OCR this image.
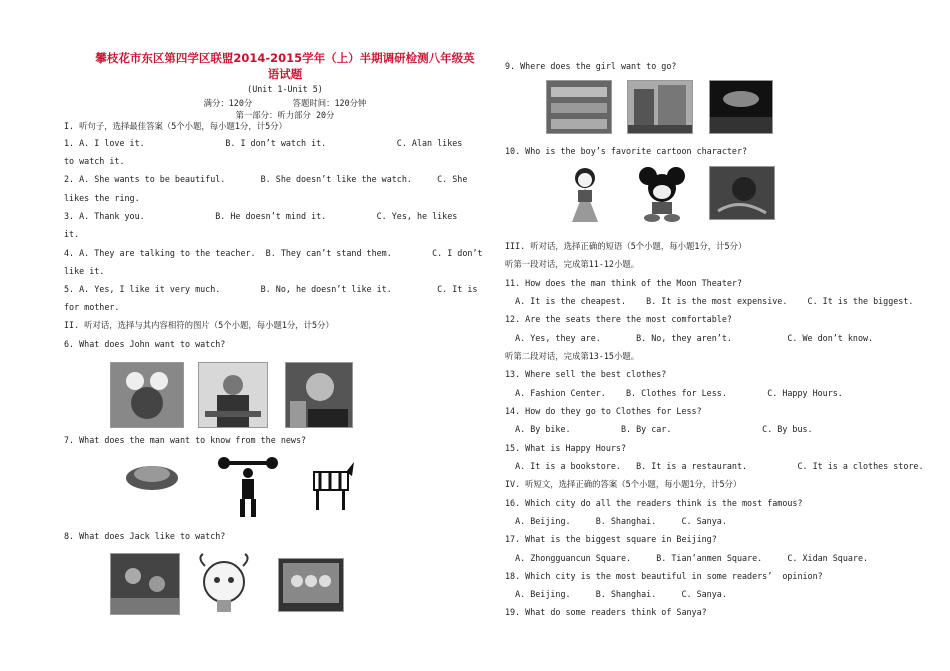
攀枝花市东区第四学区联盟2014-2015学年（上）半期调研检测八年级英
语试题
(Unit 1-Unit 5)
满分：120分        答题时间：120分钟
第一部分：听力部分 20分
I. 听句子，选择最佳答案（5个小题，每小题1分，计5分）
1. A. I love it.                B. I don’t watch it.              C. Alan likes
to watch it.
2. A. She wants to be beautiful.       B. She doesn’t like the watch.     C. She
likes the ring.
3. A. Thank you.              B. He doesn’t mind it.          C. Yes, he likes
it.
4. A. They are talking to the teacher.  B. They can’t stand them.        C. I don’t
like it.
5. A. Yes, I like it very much.        B. No, he doesn’t like it.         C. It is
for mother.
II. 听对话，选择与其内容相符的图片（5个小题，每小题1分，计5分）
6. What does John want to watch?
7. What does the man want to know from the news?
8. What does Jack like to watch?
9. Where does the girl want to go?
10. Who is the boy’s favorite cartoon character?
III. 听对话，选择正确的短语（5个小题，每小题1分，计5分）
听第一段对话，完成第11-12小题。
11. How does the man think of the Moon Theater?
A. It is the cheapest.    B. It is the most expensive.    C. It is the biggest.
12. Are the seats there the most comfortable?
A. Yes, they are.       B. No, they aren’t.           C. We don’t know.
听第二段对话，完成第13-15小题。
13. Where sell the best clothes?
A. Fashion Center.    B. Clothes for Less.        C. Happy Hours.
14. How do they go to Clothes for Less?
A. By bike.          B. By car.                  C. By bus.
15. What is Happy Hours?
A. It is a bookstore.   B. It is a restaurant.          C. It is a clothes store.
IV. 听短文，选择正确的答案（5个小题，每小题1分，计5分）
16. Which city do all the readers think is the most famous?
A. Beijing.     B. Shanghai.     C. Sanya.
17. What is the biggest square in Beijing?
A. Zhongguancun Square.     B. Tian’anmen Square.     C. Xidan Square.
18. Which city is the most beautiful in some readers’  opinion?
A. Beijing.     B. Shanghai.     C. Sanya.
19. What do some readers think of Sanya?
